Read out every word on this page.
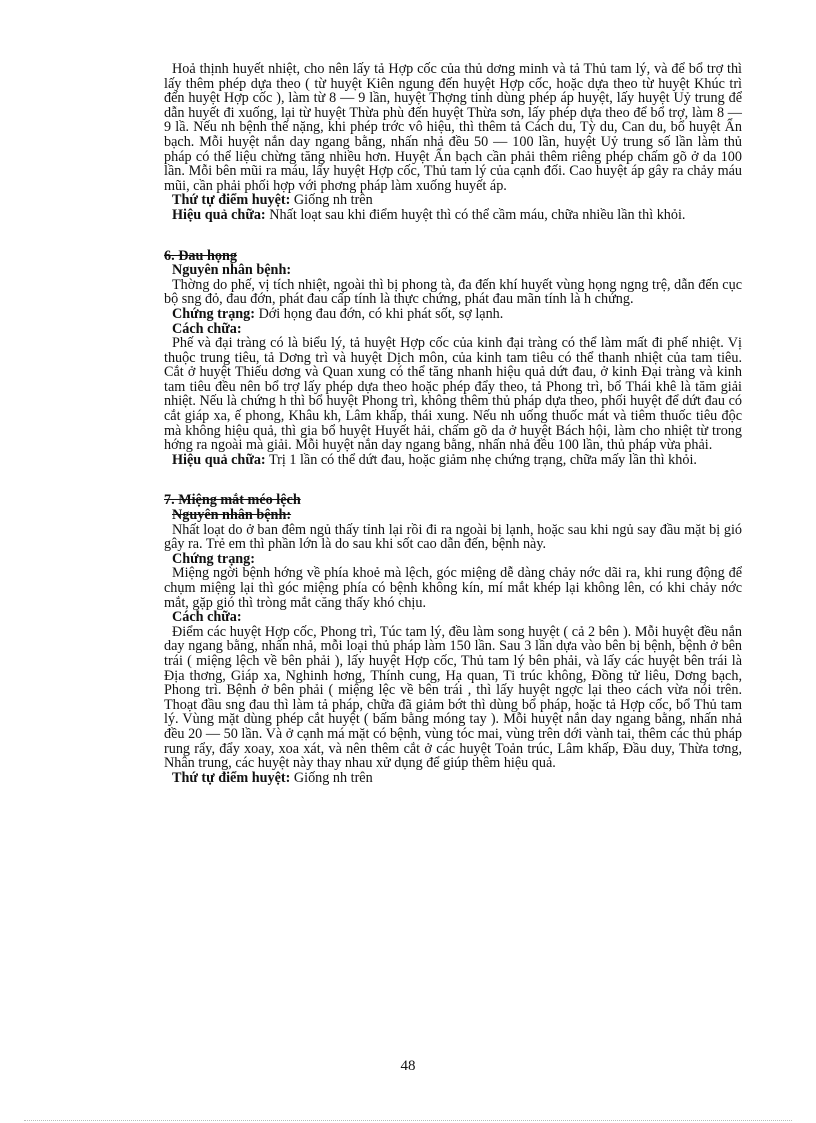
Hoả thịnh huyết nhiệt, cho nên lấy tả Hợp cốc của thủ dơng minh và tả Thủ tam lý, và để bổ trợ thì lấy thêm phép dựa theo ( từ huyệt Kiên ngung đến huyệt Hợp cốc, hoặc dựa theo từ huyệt Khúc trì đến huyệt Hợp cốc ), làm từ 8 — 9 lần, huyệt Thợng tinh dùng phép áp huyệt, lấy huyệt Uỷ trung để dẫn huyết đi xuống, lại từ huyệt Thừa phù đến huyệt Thừa sơn, lấy phép dựa theo để bổ trợ, làm 8 — 9 lầ. Nếu nh bệnh thế nặng, khi phép trớc vô hiệu, thì thêm tả Cách du, Tỳ du, Can du, bổ huyệt Ẩn bạch. Mỗi huyệt nắn day ngang bằng, nhấn nhả đều 50 — 100 lần, huyệt Uỷ trung số lần làm thủ pháp có thể liệu chừng tăng nhiều hơn. Huyệt Ẩn bạch cần phải thêm riêng phép chấm gõ ở da 100 lần. Mỗi bên mũi ra máu, lấy huyệt Hợp cốc, Thủ tam lý của cạnh đối. Cao huyệt áp gây ra chảy máu mũi, cần phải phối hợp với phơng pháp làm xuống huyết áp.

Thứ tự điểm huyệt: Giống nh trên

Hiệu quả chữa: Nhất loạt sau khi điểm huyệt thì có thể cầm máu, chữa nhiều lần thì khỏi.

6. Đau họng

Nguyên nhân bệnh:

Thờng do phế, vị tích nhiệt, ngoài thì bị phong tà, đa đến khí huyết vùng họng ngng trệ, dẫn đến cục bộ sng đỏ, đau đớn, phát đau cấp tính là thực chứng, phát đau mãn tính là h chứng.

Chứng trạng: Dới họng đau đớn, có khi phát sốt, sợ lạnh.

Cách chữa:

Phế và đại tràng có là biểu lý, tả huyệt Hợp cốc của kinh đại tràng có thể làm mất đi phế nhiệt. Vị thuộc trung tiêu, tả Dơng trì và huyệt Dịch môn, của kinh tam tiêu có thể thanh nhiệt của tam tiêu. Cắt ở huyệt Thiếu dơng và Quan xung có thể tăng nhanh hiệu quả dứt đau, ở kinh Đại tràng và kinh tam tiêu đều nên bổ trợ lấy phép dựa theo hoặc phép đẩy theo, tả Phong trì, bổ Thái khê là tăm giải nhiệt. Nếu là chứng h thì bổ huyệt Phong trì, không thêm thủ pháp dựa theo, phối huyệt để dứt đau có cắt giáp xa, ế phong, Khâu kh, Lâm khấp, thái xung. Nếu nh uống thuốc mát và tiêm thuốc tiêu độc mà không hiệu quả, thì gia bổ huyệt Huyết hải, chấm gõ da ở huyệt Bách hội, làm cho nhiệt từ trong hớng ra ngoài mà giải. Mỗi huyệt nắn day ngang bằng, nhấn nhả đều 100 lần, thủ pháp vừa phải.

Hiệu quả chữa: Trị 1 lần có thể dứt đau, hoặc giảm nhẹ chứng trạng, chữa mấy lần thì khỏi.

7. Miệng mắt méo lệch

Nguyên nhân bệnh:

Nhất loạt do ở ban đêm ngủ thấy tỉnh lại rồi đi ra ngoài bị lạnh, hoặc sau khi ngủ say đầu mặt bị gió gây ra. Trẻ em thì phần lớn là do sau khi sốt cao dẫn đến, bệnh này.

Chứng trạng:

Miệng ngời bệnh hớng về phía khoẻ mà lệch, góc miệng dễ dàng chảy nớc dãi ra, khi rung động để chụm miệng lại thì góc miệng phía có bệnh không kín, mí mắt khép lại không lên, có khi chảy nớc mắt, gặp gió thì tròng mắt căng thấy khó chịu.

Cách chữa:

Điểm các huyệt Hợp cốc, Phong trì, Túc tam lý, đều làm song huyệt ( cả 2 bên ). Mỗi huyệt đều nắn day ngang bằng, nhấn nhả, mỗi loại thủ pháp làm 150 lần. Sau 3 lần dựa vào bên bị bệnh, bệnh ở bên trái ( miệng lệch về bên phải ), lấy huyệt Hợp cốc, Thủ tam lý bên phải, và lấy các huyệt bên trái là Địa thơng, Giáp xa, Nghinh hơng, Thính cung, Hạ quan, Ti trúc không, Đồng tử liêu, Dơng bạch, Phong trì. Bệnh ở bên phải ( miệng lệc về bên trái , thì lấy huyệt ngợc lại theo cách vừa nói trên. Thoạt đầu sng đau thì làm tả pháp, chữa đã giảm bớt thì dùng bổ pháp, hoặc tả Hợp cốc, bổ Thủ tam lý. Vùng mặt dùng phép cắt huyệt ( bấm bằng móng tay ). Mỗi huyệt nắn day ngang bằng, nhấn nhả đều 20 — 50 lần. Và ở cạnh má mặt có bệnh, vùng tóc mai, vùng trên dới vành tai, thêm các thủ pháp rung rẩy, đẩy xoay, xoa xát, và nên thêm cắt ở các huyệt Toản trúc, Lâm khấp, Đầu duy, Thừa tơng, Nhân trung, các huyệt này thay nhau xử dụng để giúp thêm hiệu quả.

Thứ tự điểm huyệt: Giống nh trên

48
